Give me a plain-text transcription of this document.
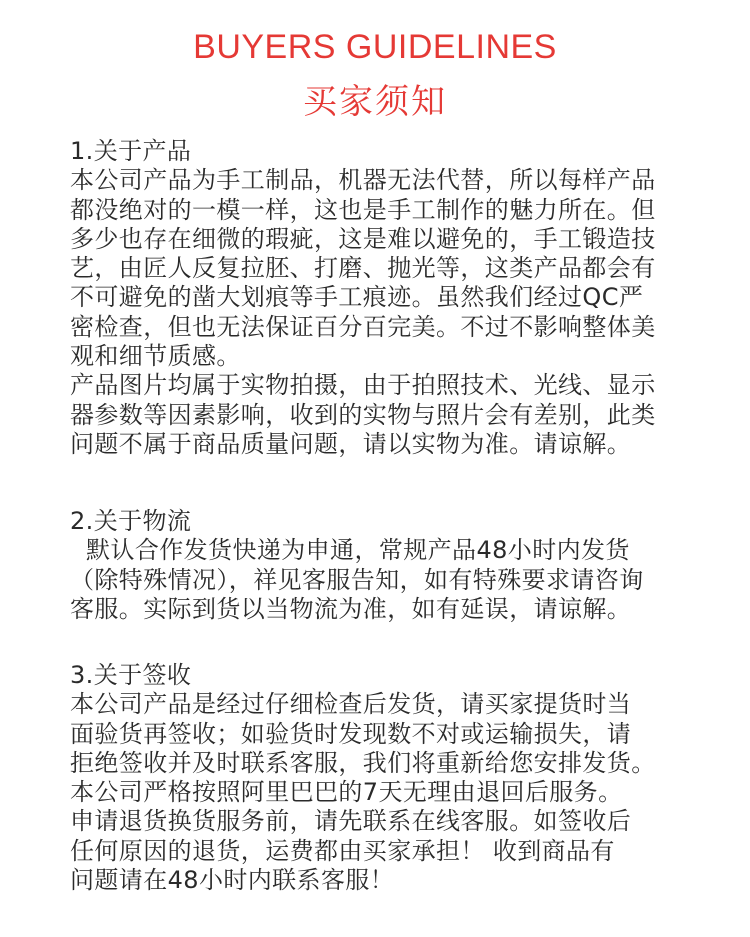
BUYERS GUIDELINES
买家须知
1.关于产品
本公司产品为手工制品，机器无法代替，所以每样产品
都没绝对的一模一样，这也是手工制作的魅力所在。但
多少也存在细微的瑕疵，这是难以避免的，手工锻造技
艺，由匠人反复拉胚、打磨、抛光等，这类产品都会有
不可避免的凿大划痕等手工痕迹。虽然我们经过QC严
密检查，但也无法保证百分百完美。不过不影响整体美
观和细节质感。
产品图片均属于实物拍摄，由于拍照技术、光线、显示
器参数等因素影响，收到的实物与照片会有差别，此类
问题不属于商品质量问题，请以实物为准。请谅解。
2.关于物流
默认合作发货快递为申通，常规产品48小时内发货
（除特殊情况），祥见客服告知，如有特殊要求请咨询
客服。实际到货以当物流为准，如有延误，请谅解。
3.关于签收
本公司产品是经过仔细检查后发货，请买家提货时当
面验货再签收；如验货时发现数不对或运输损失，请
拒绝签收并及时联系客服，我们将重新给您安排发货。
本公司严格按照阿里巴巴的7天无理由退回后服务。
申请退货换货服务前，请先联系在线客服。如签收后
任何原因的退货，运费都由买家承担！ 收到商品有
问题请在48小时内联系客服！
